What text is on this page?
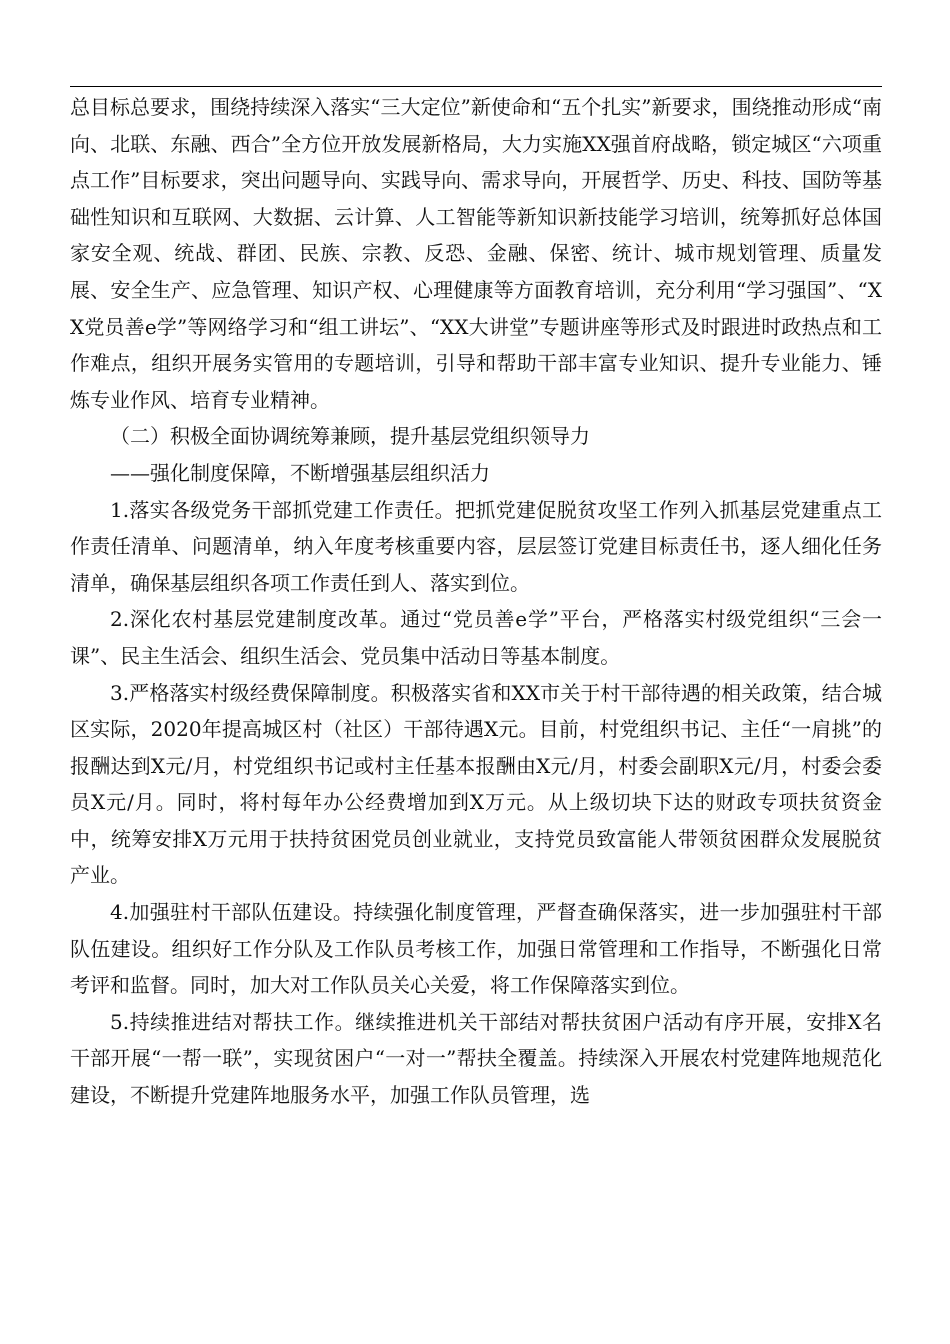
总目标总要求，围绕持续深入落实“三大定位”新使命和“五个扎实”新要求，围绕推动形成“南向、北联、东融、西合”全方位开放发展新格局，大力实施XX强首府战略，锁定城区“六项重点工作”目标要求，突出问题导向、实践导向、需求导向，开展哲学、历史、科技、国防等基础性知识和互联网、大数据、云计算、人工智能等新知识新技能学习培训，统筹抓好总体国家安全观、统战、群团、民族、宗教、反恐、金融、保密、统计、城市规划管理、质量发展、安全生产、应急管理、知识产权、心理健康等方面教育培训，充分利用“学习强国”、“XX党员善e学”等网络学习和“组工讲坛”、“XX大讲堂”专题讲座等形式及时跟进时政热点和工作难点，组织开展务实管用的专题培训，引导和帮助干部丰富专业知识、提升专业能力、锤炼专业作风、培育专业精神。

（二）积极全面协调统筹兼顾，提升基层党组织领导力

——强化制度保障，不断增强基层组织活力

1.落实各级党务干部抓党建工作责任。把抓党建促脱贫攻坚工作列入抓基层党建重点工作责任清单、问题清单，纳入年度考核重要内容，层层签订党建目标责任书，逐人细化任务清单，确保基层组织各项工作责任到人、落实到位。

2.深化农村基层党建制度改革。通过“党员善e学”平台，严格落实村级党组织“三会一课”、民主生活会、组织生活会、党员集中活动日等基本制度。

3.严格落实村级经费保障制度。积极落实省和XX市关于村干部待遇的相关政策，结合城区实际，2020年提高城区村（社区）干部待遇X元。目前，村党组织书记、主任“一肩挑”的报酬达到X元/月，村党组织书记或村主任基本报酬由X元/月，村委会副职X元/月，村委会委员X元/月。同时，将村每年办公经费增加到X万元。从上级切块下达的财政专项扶贫资金中，统筹安排X万元用于扶持贫困党员创业就业，支持党员致富能人带领贫困群众发展脱贫产业。

4.加强驻村干部队伍建设。持续强化制度管理，严督查确保落实，进一步加强驻村干部队伍建设。组织好工作分队及工作队员考核工作，加强日常管理和工作指导，不断强化日常考评和监督。同时，加大对工作队员关心关爱，将工作保障落实到位。

5.持续推进结对帮扶工作。继续推进机关干部结对帮扶贫困户活动有序开展，安排X名干部开展“一帮一联”，实现贫困户“一对一”帮扶全覆盖。持续深入开展农村党建阵地规范化建设，不断提升党建阵地服务水平，加强工作队员管理，选
